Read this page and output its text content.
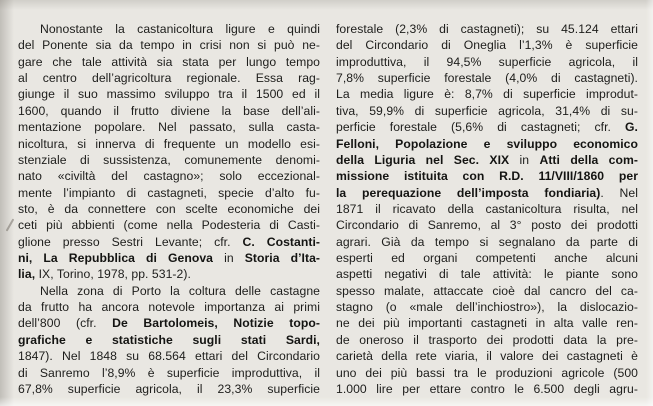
Nonostante la castanicoltura ligure e quindi
del Ponente sia da tempo in crisi non si può ne-
gare che tale attività sia stata per lungo tempo
al centro dell’agricoltura regionale. Essa rag-
giunge il suo massimo sviluppo tra il 1500 ed il
1600, quando il frutto diviene la base dell’ali-
mentazione popolare. Nel passato, sulla casta-
nicoltura, si innerva di frequente un modello esi-
stenziale di sussistenza, comunemente denomi-
nato «civiltà del castagno»; solo eccezional-
mente l’impianto di castagneti, specie d’alto fu-
sto, è da connettere con scelte economiche dei
ceti più abbienti (come nella Podesteria di Casti-
glione presso Sestri Levante; cfr. C. Costanti-
ni, La Repubblica di Genova in Storia d’Ita-
lia, IX, Torino, 1978, pp. 531-2).
Nella zona di Porto la coltura delle castagne
da frutto ha ancora notevole importanza ai primi
dell’800 (cfr. De Bartolomeis, Notizie topo-
grafiche e statistiche sugli stati Sardi,
1847). Nel 1848 su 68.564 ettari del Circondario
di Sanremo l’8,9% è superficie improduttiva, il
67,8% superficie agricola, il 23,3% superficie
forestale (2,3% di castagneti); su 45.124 ettari
del Circondario di Oneglia l’1,3% è superficie
improduttiva, il 94,5% superficie agricola, il
7,8% superficie forestale (4,0% di castagneti).
La media ligure è: 8,7% di superficie improdut-
tiva, 59,9% di superficie agricola, 31,4% di su-
perficie forestale (5,6% di castagneti; cfr. G.
Felloni, Popolazione e sviluppo economico
della Liguria nel Sec. XIX in Atti della com-
missione istituita con R.D. 11/VIII/1860 per
la perequazione dell’imposta fondiaria). Nel
1871 il ricavato della castanicoltura risulta, nel
Circondario di Sanremo, al 3° posto dei prodotti
agrari. Già da tempo si segnalano da parte di
esperti ed organi competenti anche alcuni
aspetti negativi di tale attività: le piante sono
spesso malate, attaccate cioè dal cancro del ca-
stagno (o «male dell’inchiostro»), la dislocazio-
ne dei più importanti castagneti in alta valle ren-
de oneroso il trasporto dei prodotti data la pre-
carietà della rete viaria, il valore dei castagneti è
uno dei più bassi tra le produzioni agricole (500
1.000 lire per ettare contro le 6.500 degli agru-
